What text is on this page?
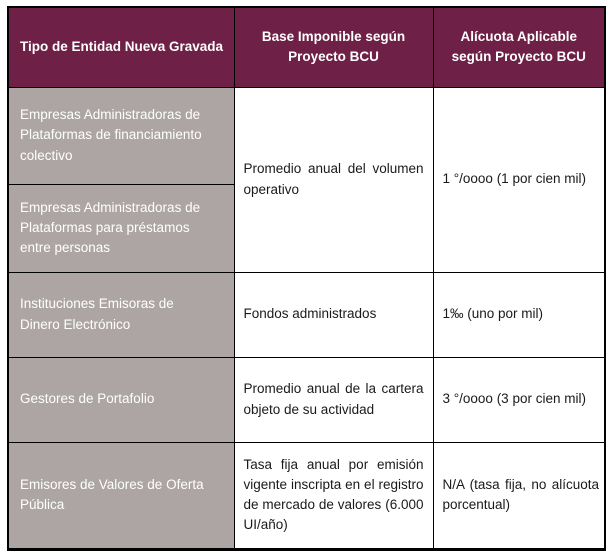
Tipo de Entidad Nueva Gravada	Base Imponible según Proyecto BCU	Alícuota Aplicable según Proyecto BCU
Empresas Administradoras de Plataformas de financiamiento colectivo	Promedio anual del volumen operativo	1 °/oooo (1 por cien mil)
Empresas Administradoras de Plataformas para préstamos entre personas		
Instituciones Emisoras de Dinero Electrónico	Fondos administrados	1‰ (uno por mil)
Gestores de Portafolio	Promedio anual de la cartera objeto de su actividad	3 °/oooo (3 por cien mil)
Emisores de Valores de Oferta Pública	Tasa fija anual por emisión vigente inscripta en el registro de mercado de valores (6.000 UI/año)	N/A (tasa fija, no alícuota porcentual)
